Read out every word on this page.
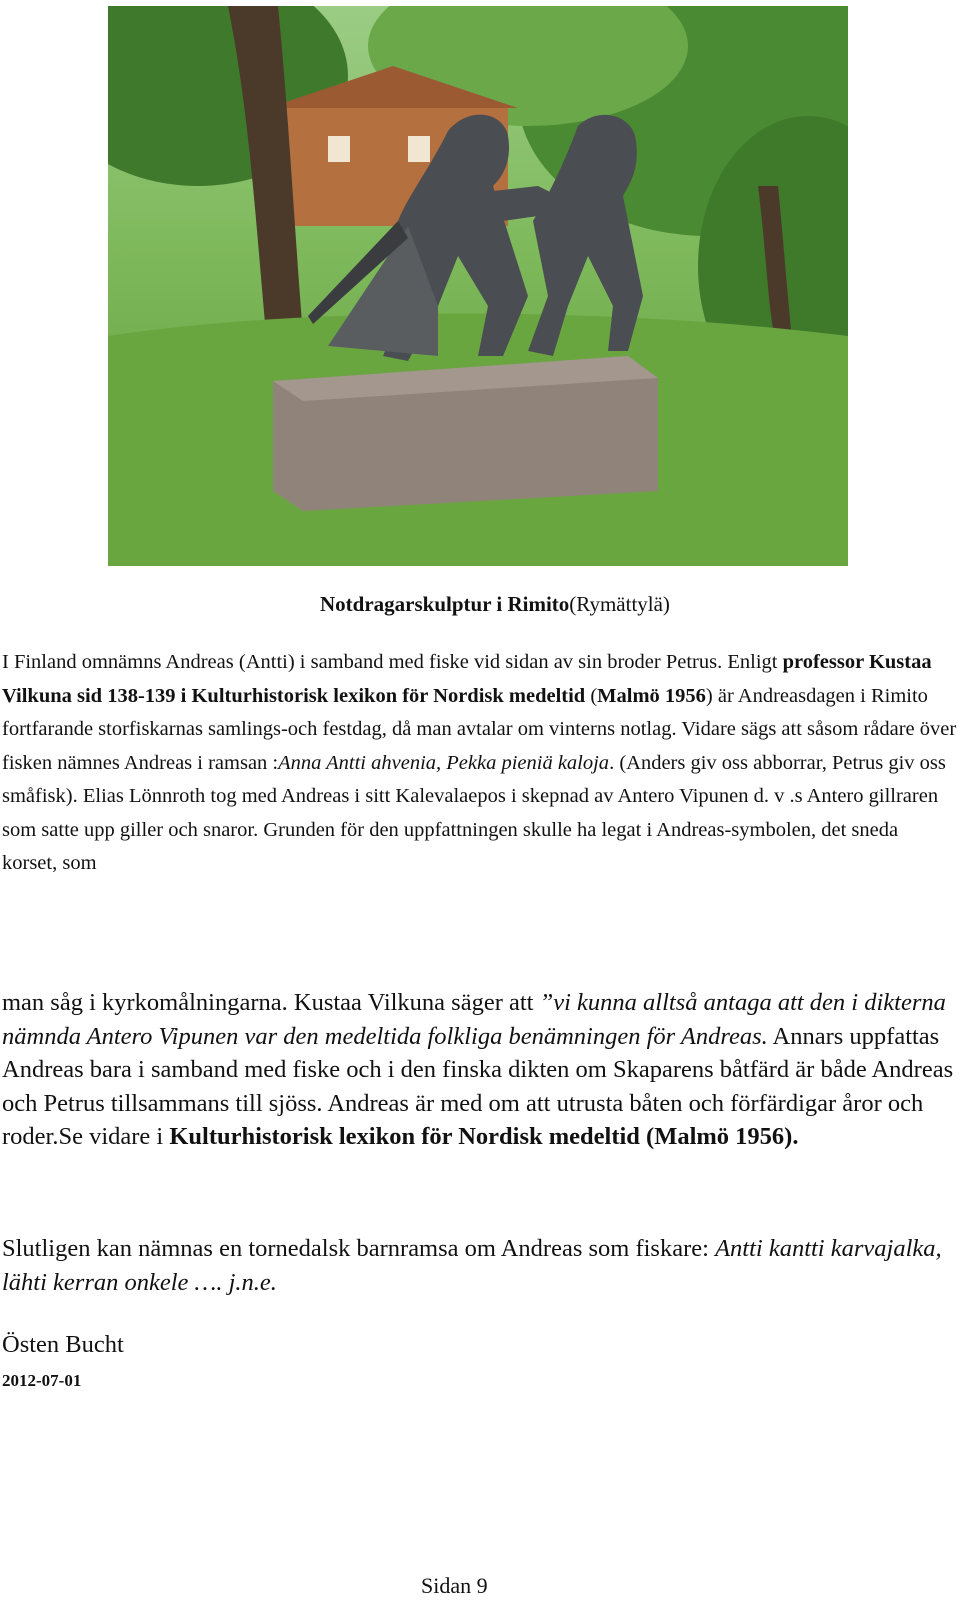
Notdragarskulptur i Rimito(Rymättylä)

I Finland omnämns Andreas (Antti) i samband med fiske vid sidan av sin broder Petrus. Enligt professor Kustaa Vilkuna sid 138-139 i Kulturhistorisk lexikon för Nordisk medeltid (Malmö 1956) är Andreasdagen i Rimito fortfarande storfiskarnas samlings-och festdag, då man avtalar om vinterns notlag. Vidare sägs att såsom rådare över fisken nämnes Andreas i ramsan :Anna Antti ahvenia, Pekka pieniä kaloja. (Anders giv oss abborrar, Petrus giv oss småfisk). Elias Lönnroth tog med Andreas i sitt Kalevalaepos i skepnad av Antero Vipunen d. v .s Antero gillraren som satte upp giller och snaror. Grunden för den uppfattningen skulle ha legat i Andreas-symbolen, det sneda korset, som

man såg i kyrkomålningarna. Kustaa Vilkuna säger att ”vi kunna alltså antaga att den i dikterna nämnda Antero Vipunen var den medeltida folkliga benämningen för Andreas. Annars uppfattas Andreas bara i samband med fiske och i den finska dikten om Skaparens båtfärd är både Andreas och Petrus tillsammans till sjöss. Andreas är med om att utrusta båten och förfärdigar åror och roder.Se vidare i Kulturhistorisk lexikon för Nordisk medeltid (Malmö 1956).

Slutligen kan nämnas en tornedalsk barnramsa om Andreas som fiskare: Antti kantti karvajalka, lähti kerran onkele …. j.n.e.

Östen Bucht

2012-07-01

Sidan 9
